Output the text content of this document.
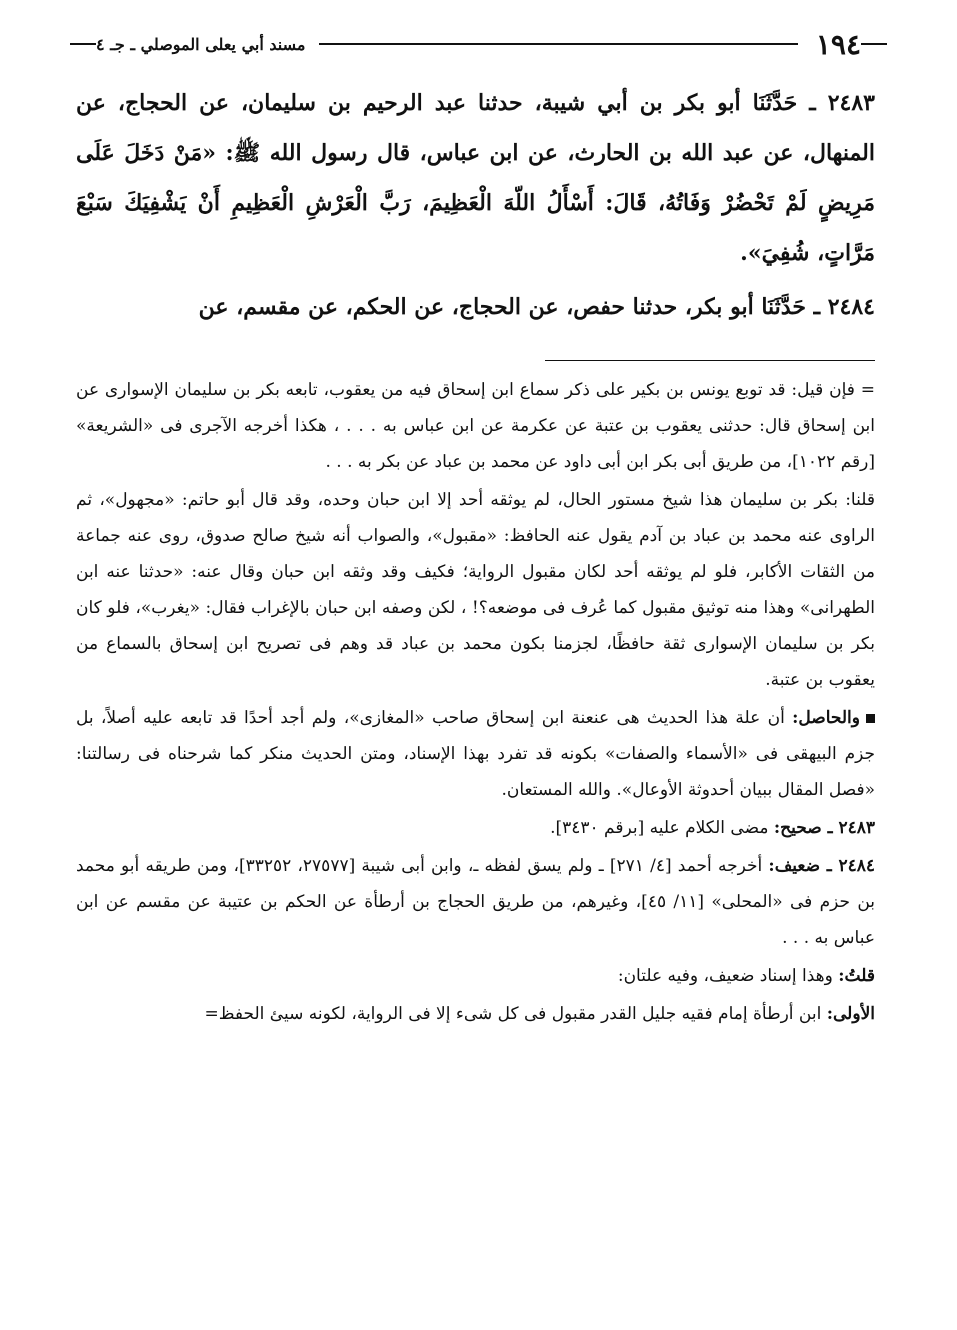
١٩٤
مسند أبي يعلى الموصلي ـ جـ ٤

٢٤٨٣ ـ حَدَّثَنَا أبو بكر بن أبي شيبة، حدثنا عبد الرحيم بن سليمان، عن الحجاج، عن المنهال، عن عبد الله بن الحارث، عن ابن عباس، قال رسول الله ﷺ: «مَنْ دَخَلَ عَلَى مَرِيضٍ لَمْ تَحْضُرْ وَفَاتُهُ، قَالَ: أَسْأَلُ اللّهَ الْعَظِيمَ، رَبَّ الْعَرْشِ الْعَظِيمِ أَنْ يَشْفِيَكَ سَبْعَ مَرَّاتٍ، شُفِيَ».

٢٤٨٤ ـ حَدَّثَنَا أبو بكر، حدثنا حفص، عن الحجاج، عن الحكم، عن مقسم، عن

= فإن قيل: قد توبع يونس بن بكير على ذكر سماع ابن إسحاق فيه من يعقوب، تابعه بكر بن سليمان الإسوارى عن ابن إسحاق قال: حدثنى يعقوب بن عتبة عن عكرمة عن ابن عباس به . . . ، هكذا أخرجه الآجرى فى «الشريعة» [رقم ١٠٢٢]، من طريق أبى بكر ابن أبى داود عن محمد بن عباد عن بكر به . . .

قلنا: بكر بن سليمان هذا شيخ مستور الحال، لم يوثقه أحد إلا ابن حبان وحده، وقد قال أبو حاتم: «مجهول»، ثم الراوى عنه محمد بن عباد بن آدم يقول عنه الحافظ: «مقبول»، والصواب أنه شيخ صالح صدوق، روى عنه جماعة من الثقات الأكابر، فلو لم يوثقه أحد لكان مقبول الرواية؛ فكيف وقد وثقه ابن حبان وقال عنه: «حدثنا عنه ابن الطهرانى» وهذا منه توثيق مقبول كما عُرف فى موضعه؟! ، لكن وصفه ابن حبان بالإغراب فقال: «يغرب»، فلو كان بكر بن سليمان الإسوارى ثقة حافظًا، لجزمنا بكون محمد بن عباد قد وهم فى تصريح ابن إسحاق بالسماع من يعقوب بن عتبة.

والحاصل: أن علة هذا الحديث هى عنعنة ابن إسحاق صاحب «المغازى»، ولم أجد أحدًا قد تابعه عليه أصلاً، بل جزم البيهقى فى «الأسماء والصفات» بكونه قد تفرد بهذا الإسناد، ومتن الحديث منكر كما شرحناه فى رسالتنا: «فصل المقال ببيان أحدوثة الأوعال». والله المستعان.

٢٤٨٣ ـ صحيح: مضى الكلام عليه [برقم ٣٤٣٠].

٢٤٨٤ ـ ضعيف: أخرجه أحمد [٤/ ٢٧١] ـ ولم يسق لفظه ـ، وابن أبى شيبة [٢٧٥٧٧، ٣٣٢٥٢]، ومن طريقه أبو محمد بن حزم فى «المحلى» [١١/ ٤٥]، وغيرهم، من طريق الحجاج بن أرطأة عن الحكم بن عتيبة عن مقسم عن ابن عباس به . . .

قلتُ: وهذا إسناد ضعيف، وفيه علتان:

الأولى: ابن أرطأة إمام فقيه جليل القدر مقبول فى كل شىء إلا فى الرواية، لكونه سيئ الحفظ=
